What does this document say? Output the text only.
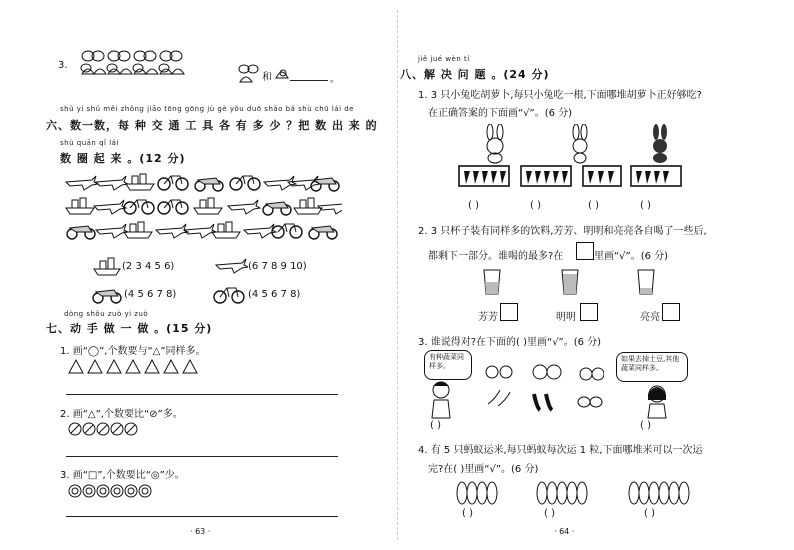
3.
和	。
shǔ yi shǔ měi zhǒng jiāo tōng gōng jù gè yǒu duō shǎo bǎ shù chū lái de
六、数一数，每 种 交 通 工 具 各 有 多 少 ？把 数 出 来 的
shù quān qǐ lái
数 圈 起 来 。(12 分)
(2 3 4 5 6)	(6 7 8 9 10)
(4 5 6 7 8)	(4 5 6 7 8)
dòng shǒu zuò yi zuò
七、动 手 做 一 做 。(15 分)
1. 画“◯”,个数要与“△”同样多。
2. 画“△”,个数要比“⊘”多。
3. 画“□”,个数要比“◎”少。
· 63 ·
jiě jué wèn tí
八、解 决 问 题 。(24 分)
1. 3 只小兔吃胡萝卜,每只小兔吃一根,下面哪堆胡萝卜正好够吃?
在正确答案的下面画“√”。(6 分)
( )	( )	( )	( )
2. 3 只杯子装有同样多的饮料,芳芳、明明和亮亮各自喝了一些后,
都剩下一部分。谁喝的最多?在	里画“√”。(6 分)
芳芳	明明	亮亮
3. 谁说得对?在下面的( )里画“√”。(6 分)
有种蔬菜同样多。
如果去掉土豆,其他蔬菜同样多。
( )	( )
4. 有 5 只蚂蚁运米,每只蚂蚁每次运 1 粒,下面哪堆米可以一次运
完?在( )里画“√”。(6 分)
( )	( )	( )
· 64 ·
